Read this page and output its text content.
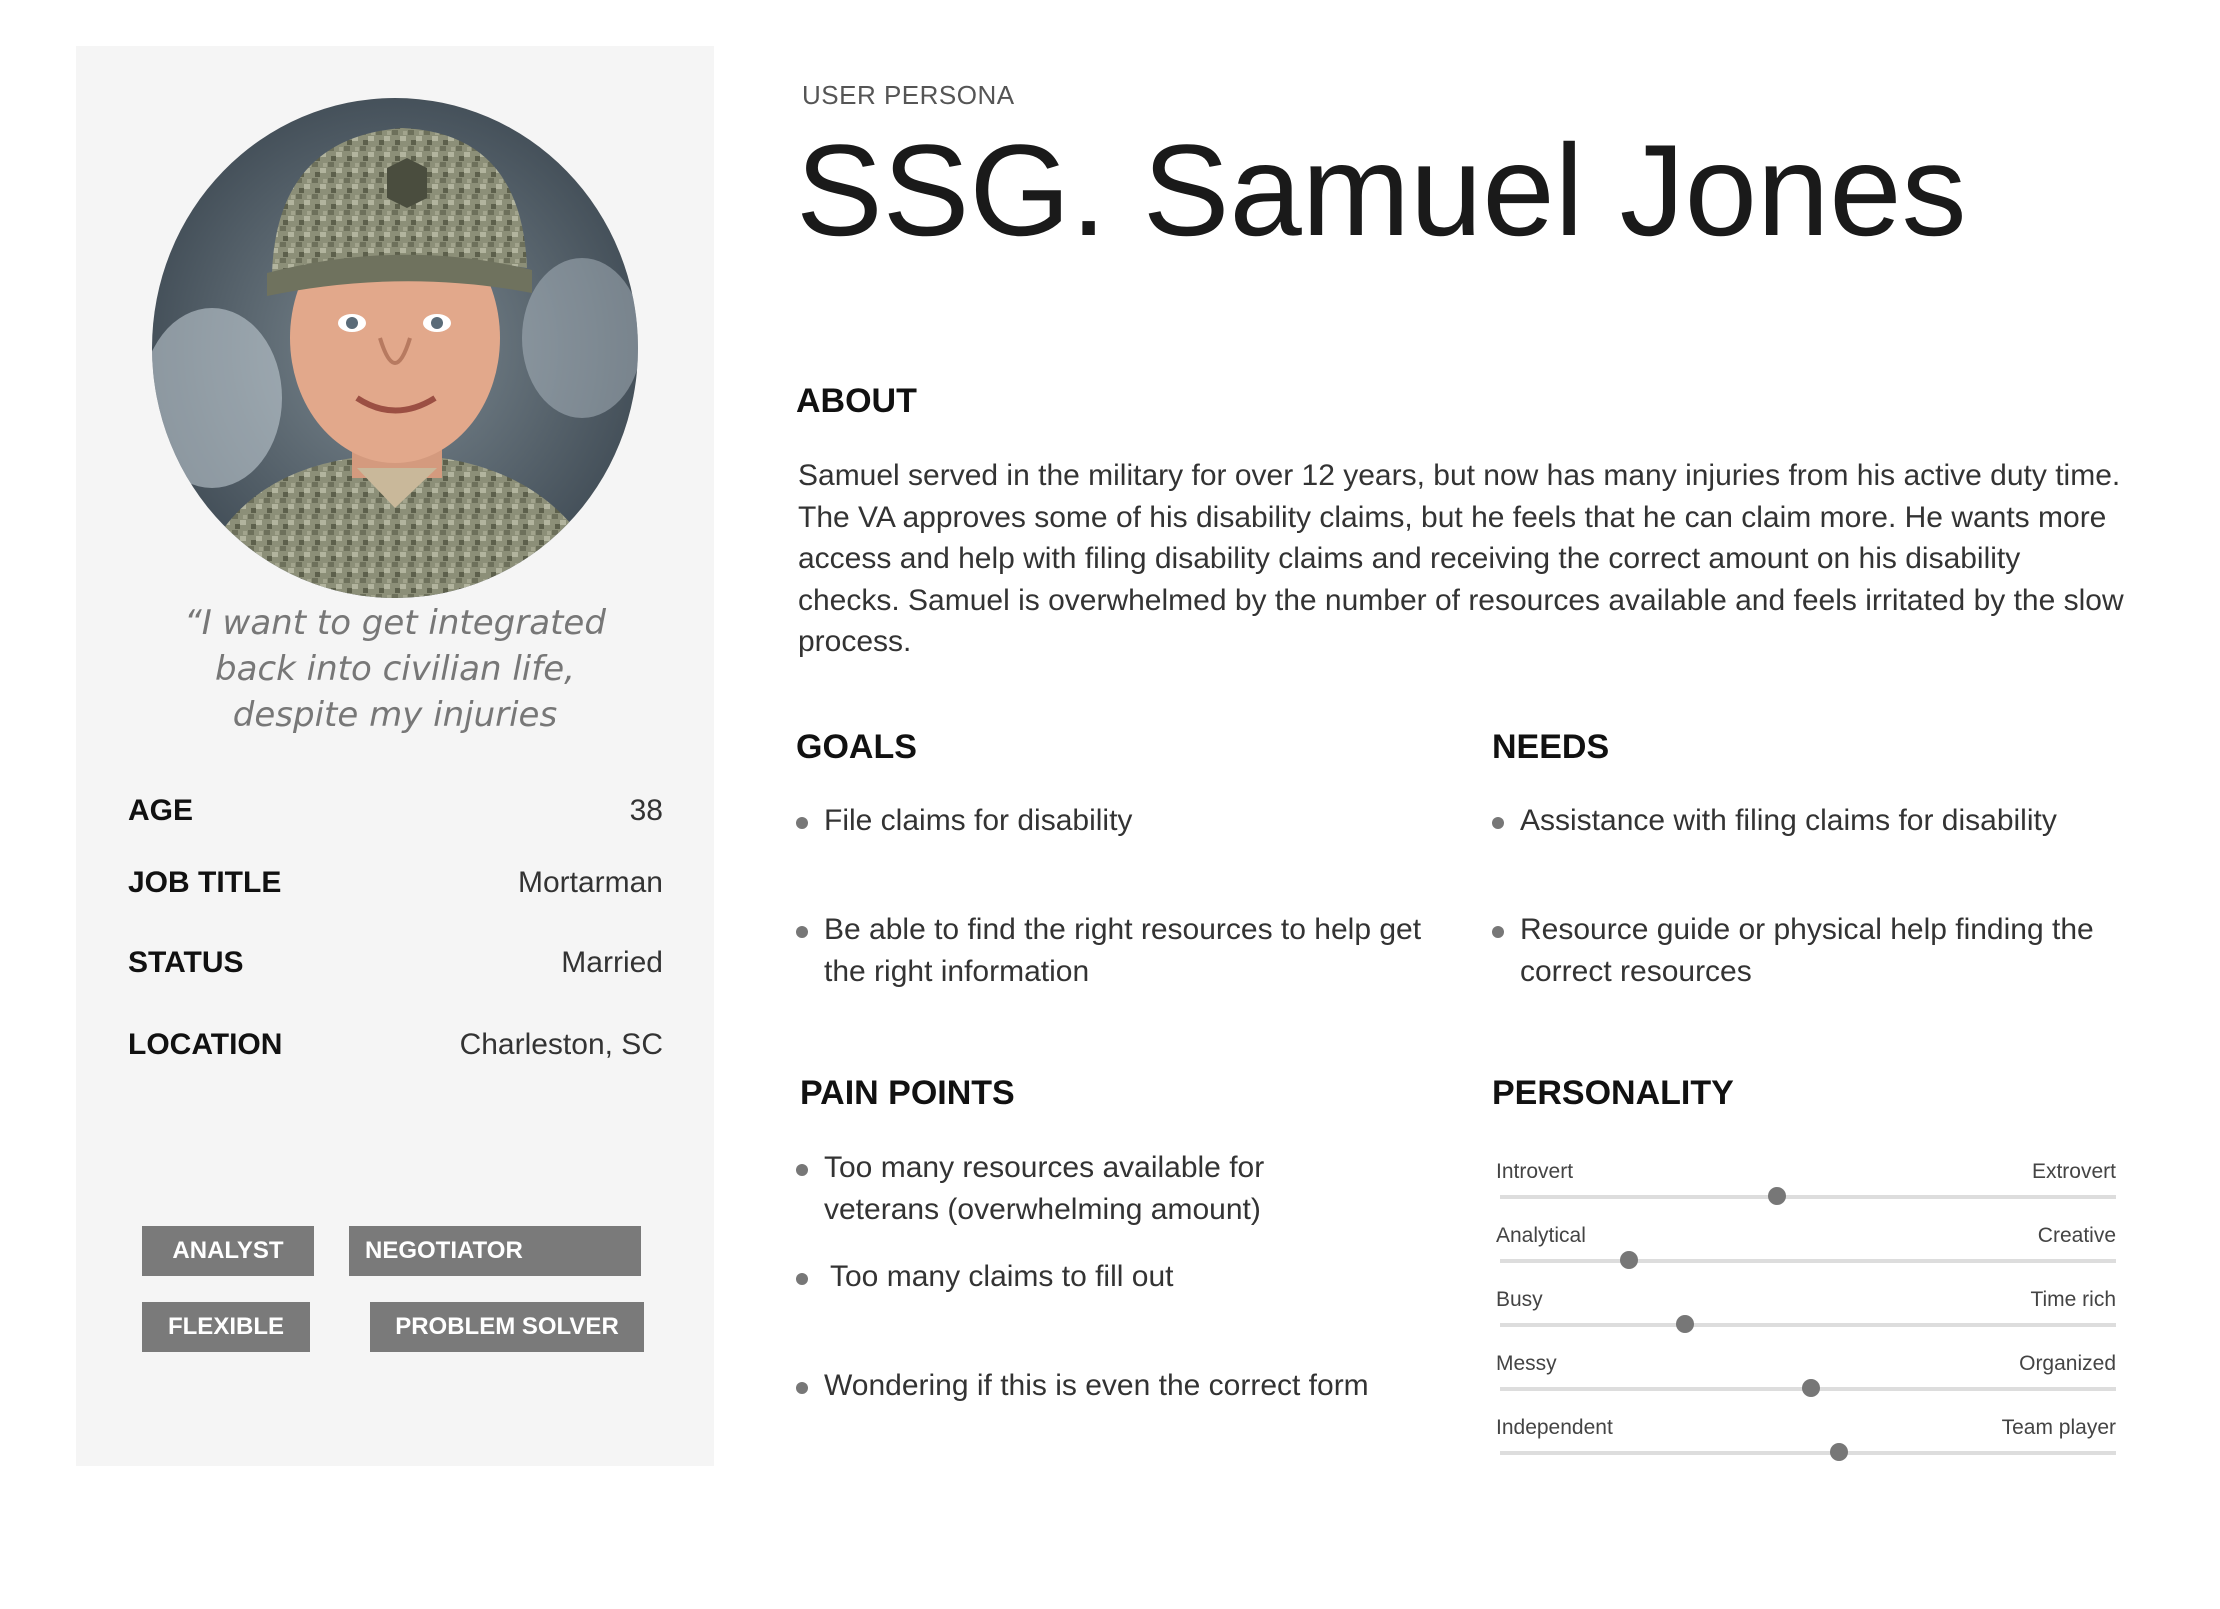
“I want to get integrated back into civilian life, despite my injuries
AGE	38
JOB TITLE	Mortarman
STATUS	Married
LOCATION	Charleston, SC
ANALYST	NEGOTIATOR
FLEXIBLE	PROBLEM SOLVER
USER PERSONA
SSG. Samuel Jones
ABOUT
Samuel served in the military for over 12 years, but now has many injuries from his active duty time. The VA approves some of his disability claims, but he feels that he can claim more. He wants more access and help with filing disability claims and receiving the correct amount on his disability checks. Samuel is overwhelmed by the number of resources available and feels irritated by the slow process.
GOALS
File claims for disability
Be able to find the right resources to help get the right information
NEEDS
Assistance with filing claims for disability
Resource guide or physical help finding the correct resources
PAIN POINTS
Too many resources available for veterans (overwhelming amount)
Too many claims to fill out
Wondering if this is even the correct form
PERSONALITY
Introvert	Extrovert
Analytical	Creative
Busy	Time rich
Messy	Organized
Independent	Team player
